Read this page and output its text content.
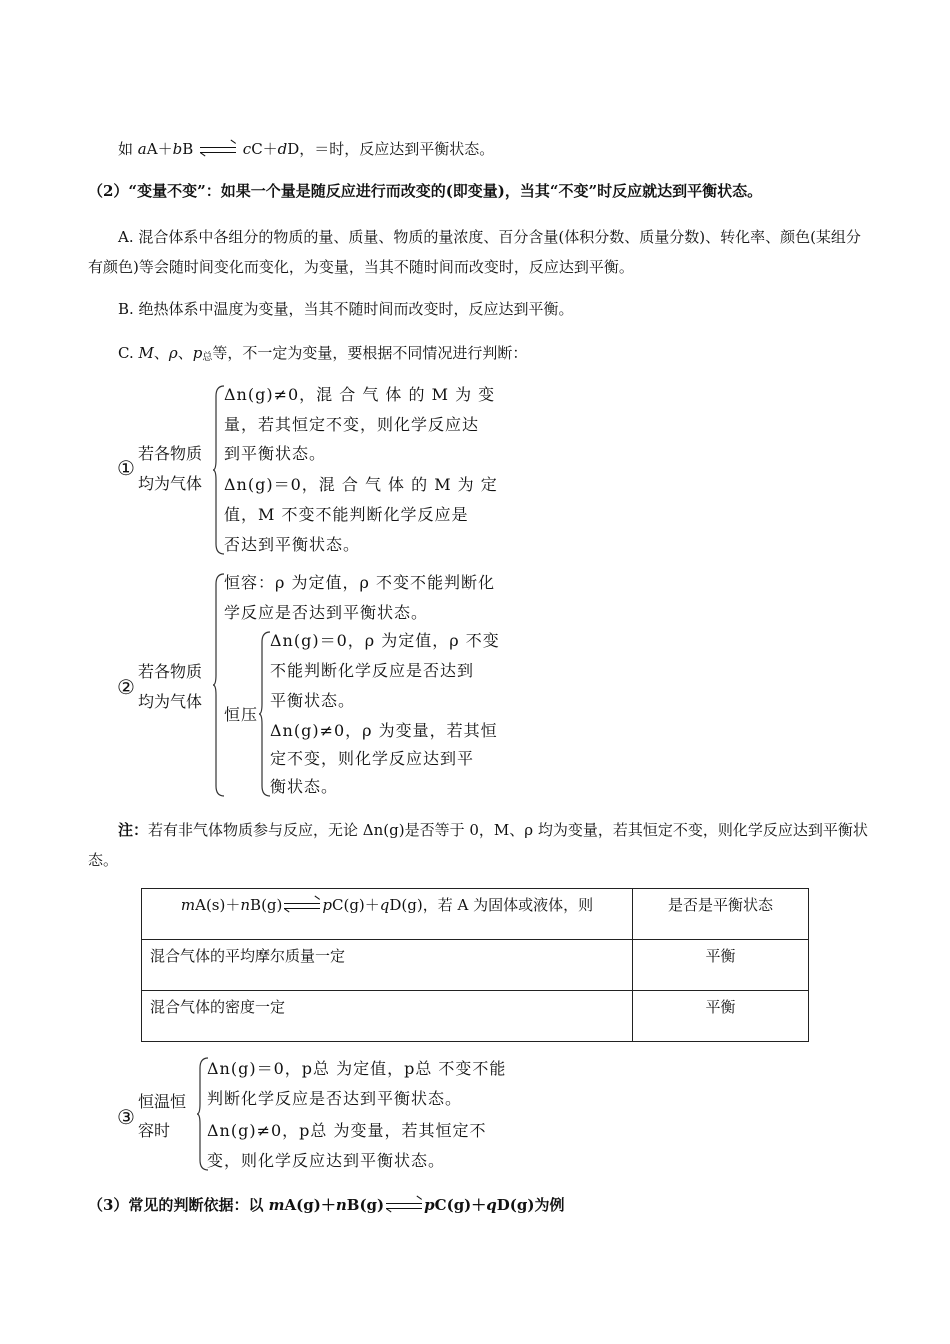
如 aA＋bB	cC＋dD，＝时，反应达到平衡状态。
（2）“变量不变”：如果一个量是随反应进行而改变的(即变量)，当其“不变”时反应就达到平衡状态。
A. 混合体系中各组分的物质的量、质量、物质的量浓度、百分含量(体积分数、质量分数)、转化率、颜色(某组分有颜色)等会随时间变化而变化，为变量，当其不随时间而改变时，反应达到平衡。
B. 绝热体系中温度为变量，当其不随时间而改变时，反应达到平衡。
C. M、ρ、$p_总$等，不一定为变量，要根据不同情况进行判断：
①
若各物质
均为气体
Δn(g)≠0，混 合 气 体 的 M 为 变
量，若其恒定不变，则化学反应达
到平衡状态。
Δn(g)＝0，混 合 气 体 的 M 为 定
值，M 不变不能判断化学反应是
否达到平衡状态。
②
若各物质
均为气体
恒容：ρ 为定值，ρ 不变不能判断化
学反应是否达到平衡状态。
恒压
Δn(g)＝0，ρ 为定值，ρ 不变
不能判断化学反应是否达到
平衡状态。
Δn(g)≠0，ρ 为变量，若其恒
定不变，则化学反应达到平
衡状态。
注：若有非气体物质参与反应，无论 Δn(g)是否等于 0，M、ρ 均为变量，若其恒定不变，则化学反应达到平衡状态。
mA(s)＋nB(g) pC(g)＋qD(g)，若 A 为固体或液体，则	是否是平衡状态
混合气体的平均摩尔质量一定	平衡
混合气体的密度一定	平衡
③
恒温恒
容时
Δn(g)＝0，p总 为定值，p总 不变不能
判断化学反应是否达到平衡状态。
Δn(g)≠0，p总 为变量，若其恒定不
变，则化学反应达到平衡状态。
（3）常见的判断依据：以 mA(g)＋nB(g)	pC(g)＋qD(g)为例
